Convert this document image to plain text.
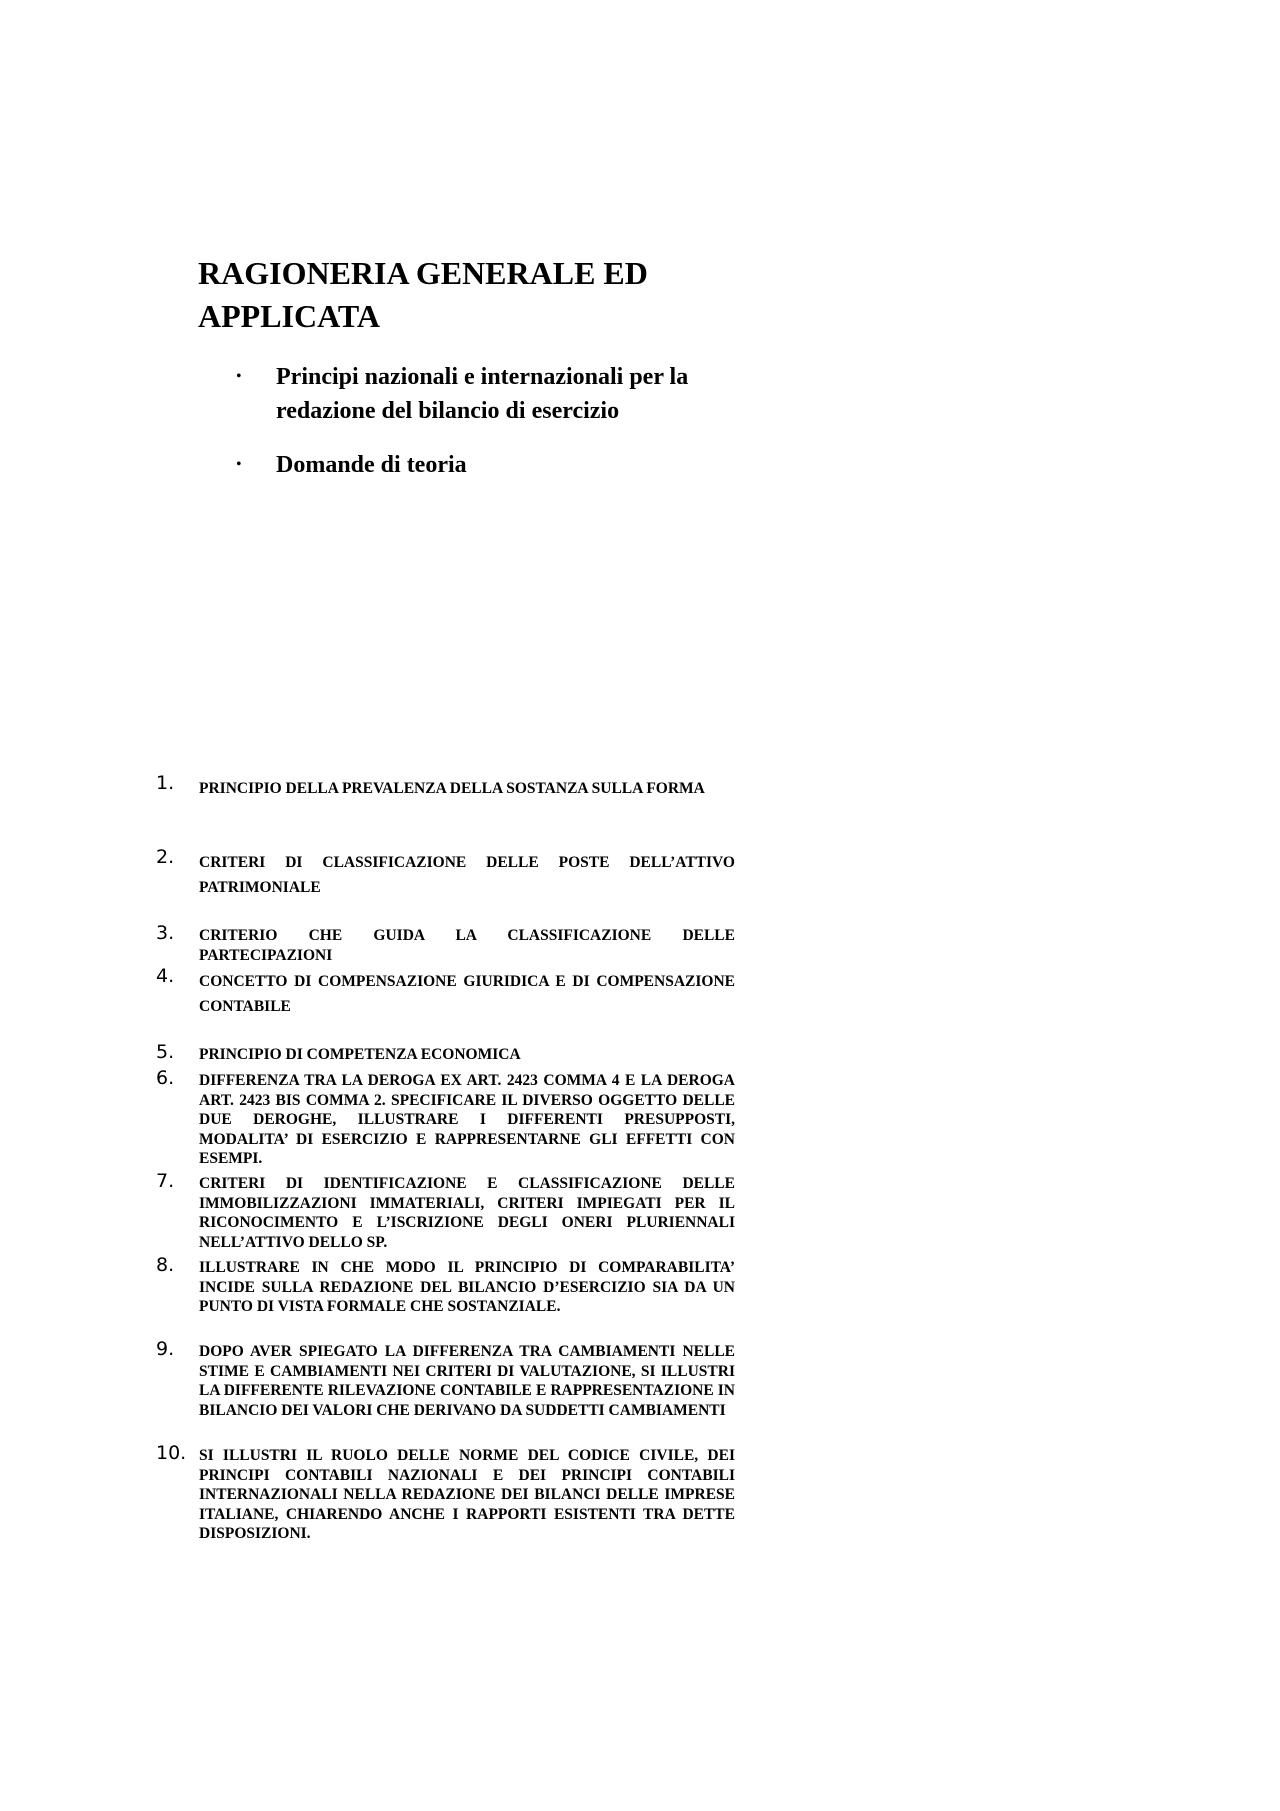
RAGIONERIA GENERALE ED APPLICATA
• Principi nazionali e internazionali per la redazione del bilancio di esercizio
• Domande di teoria
1. PRINCIPIO DELLA PREVALENZA DELLA SOSTANZA SULLA FORMA
2. CRITERI DI CLASSIFICAZIONE DELLE POSTE DELL’ATTIVO PATRIMONIALE
3. CRITERIO CHE GUIDA LA CLASSIFICAZIONE DELLE PARTECIPAZIONI
4. CONCETTO DI COMPENSAZIONE GIURIDICA E DI COMPENSAZIONE CONTABILE
5. PRINCIPIO DI COMPETENZA ECONOMICA
6. DIFFERENZA TRA LA DEROGA EX ART. 2423 COMMA 4 E LA DEROGA ART. 2423 BIS COMMA 2. SPECIFICARE IL DIVERSO OGGETTO DELLE DUE DEROGHE, ILLUSTRARE I DIFFERENTI PRESUPPOSTI, MODALITA’ DI ESERCIZIO E RAPPRESENTARNE GLI EFFETTI CON ESEMPI.
7. CRITERI DI IDENTIFICAZIONE E CLASSIFICAZIONE DELLE IMMOBILIZZAZIONI IMMATERIALI, CRITERI IMPIEGATI PER IL RICONOCIMENTO E L’ISCRIZIONE DEGLI ONERI PLURIENNALI NELL’ATTIVO DELLO SP.
8. ILLUSTRARE IN CHE MODO IL PRINCIPIO DI COMPARABILITA’ INCIDE SULLA REDAZIONE DEL BILANCIO D’ESERCIZIO SIA DA UN PUNTO DI VISTA FORMALE CHE SOSTANZIALE.
9. DOPO AVER SPIEGATO LA DIFFERENZA TRA CAMBIAMENTI NELLE STIME E CAMBIAMENTI NEI CRITERI DI VALUTAZIONE, SI ILLUSTRI LA DIFFERENTE RILEVAZIONE CONTABILE E RAPPRESENTAZIONE IN BILANCIO DEI VALORI CHE DERIVANO DA SUDDETTI CAMBIAMENTI
10. SI ILLUSTRI IL RUOLO DELLE NORME DEL CODICE CIVILE, DEI PRINCIPI CONTABILI NAZIONALI E DEI PRINCIPI CONTABILI INTERNAZIONALI NELLA REDAZIONE DEI BILANCI DELLE IMPRESE ITALIANE, CHIARENDO ANCHE I RAPPORTI ESISTENTI TRA DETTE DISPOSIZIONI.
